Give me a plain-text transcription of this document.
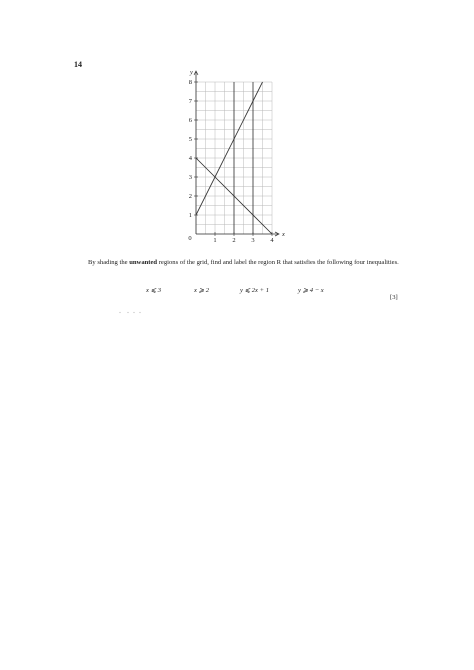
14
1
2
3
4
5
6
7
8
1 2 3 4
0
x
y
By shading the unwanted regions of the grid, find and label the region R that satisfies the following four inequalities.
x ⩽ 3	x ⩾ 2	y ⩽ 2x + 1	y ⩾ 4 − x
[3]
